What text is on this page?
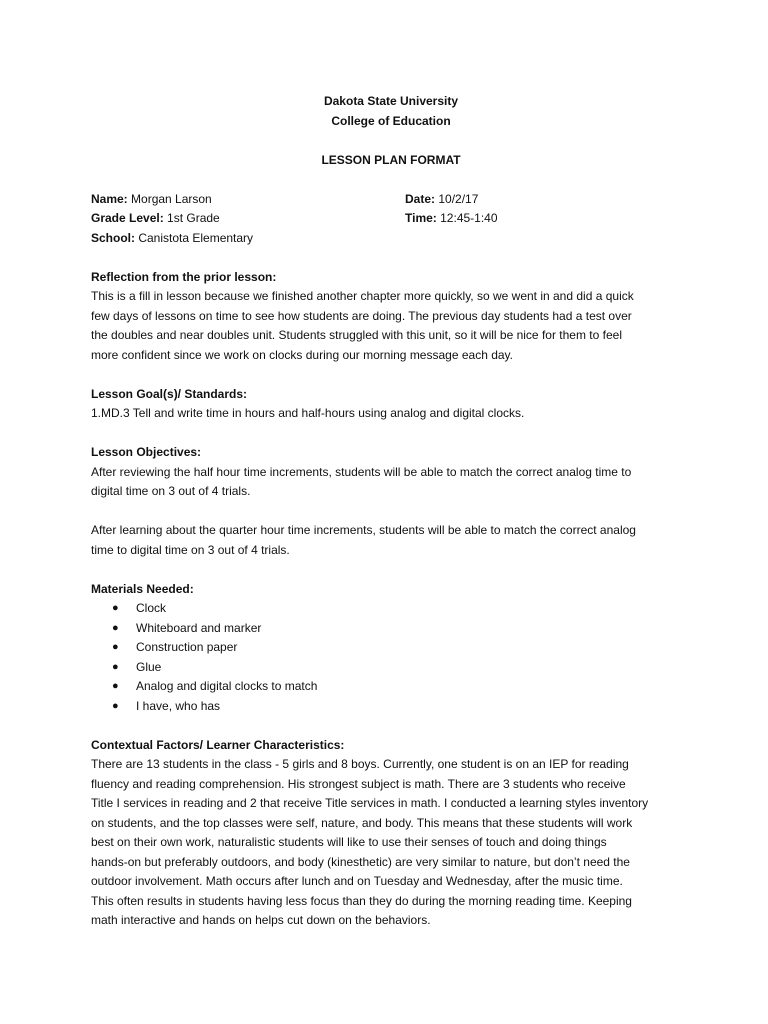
Dakota State University

College of Education

LESSON PLAN FORMAT

Name: Morgan Larson	Date: 10/2/17
Grade Level: 1st Grade	Time: 12:45-1:40
School: Canistota Elementary

Reflection from the prior lesson:

This is a fill in lesson because we finished another chapter more quickly, so we went in and did a quick

few days of lessons on time to see how students are doing. The previous day students had a test over

the doubles and near doubles unit. Students struggled with this unit, so it will be nice for them to feel

more confident since we work on clocks during our morning message each day.

Lesson Goal(s)/ Standards:

1.MD.3 Tell and write time in hours and half-hours using analog and digital clocks.

Lesson Objectives:

After reviewing the half hour time increments, students will be able to match the correct analog time to

digital time on 3 out of 4 trials.

After learning about the quarter hour time increments, students will be able to match the correct analog

time to digital time on 3 out of 4 trials.

Materials Needed:

● Clock
● Whiteboard and marker
● Construction paper
● Glue
● Analog and digital clocks to match
● I have, who has

Contextual Factors/ Learner Characteristics:

There are 13 students in the class - 5 girls and 8 boys. Currently, one student is on an IEP for reading

fluency and reading comprehension. His strongest subject is math. There are 3 students who receive

Title I services in reading and 2 that receive Title services in math. I conducted a learning styles inventory

on students, and the top classes were self, nature, and body. This means that these students will work

best on their own work, naturalistic students will like to use their senses of touch and doing things

hands-on but preferably outdoors, and body (kinesthetic) are very similar to nature, but don’t need the

outdoor involvement. Math occurs after lunch and on Tuesday and Wednesday, after the music time.

This often results in students having less focus than they do during the morning reading time. Keeping

math interactive and hands on helps cut down on the behaviors.
